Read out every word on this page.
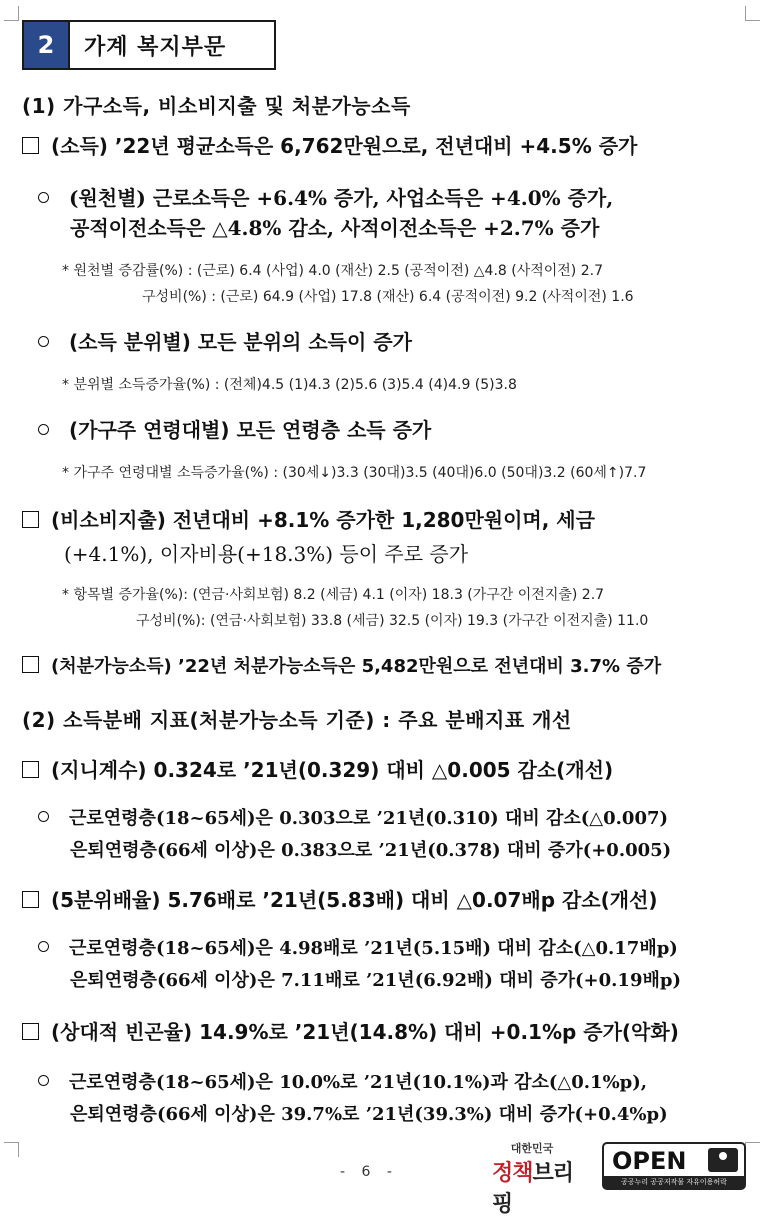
2	가계 복지부문
(1) 가구소득, 비소비지출 및 처분가능소득
(소득) ’22년 평균소득은 6,762만원으로, 전년대비 +4.5% 증가
(원천별) 근로소득은 +6.4% 증가, 사업소득은 +4.0% 증가,
공적이전소득은 △4.8% 감소, 사적이전소득은 +2.7% 증가
* 원천별 증감률(%) : (근로) 6.4 (사업) 4.0 (재산) 2.5 (공적이전) △4.8 (사적이전) 2.7
구성비(%) : (근로) 64.9 (사업) 17.8 (재산) 6.4 (공적이전) 9.2 (사적이전) 1.6
(소득 분위별) 모든 분위의 소득이 증가
* 분위별 소득증가율(%) : (전체)4.5 (1)4.3 (2)5.6 (3)5.4 (4)4.9 (5)3.8
(가구주 연령대별) 모든 연령층 소득 증가
* 가구주 연령대별 소득증가율(%) : (30세↓)3.3 (30대)3.5 (40대)6.0 (50대)3.2 (60세↑)7.7
(비소비지출) 전년대비 +8.1% 증가한 1,280만원이며, 세금
(+4.1%), 이자비용(+18.3%) 등이 주로 증가
* 항목별 증가율(%): (연금·사회보험) 8.2 (세금) 4.1 (이자) 18.3 (가구간 이전지출) 2.7
구성비(%): (연금·사회보험) 33.8 (세금) 32.5 (이자) 19.3 (가구간 이전지출) 11.0
(처분가능소득) ’22년 처분가능소득은 5,482만원으로 전년대비 3.7% 증가
(2) 소득분배 지표(처분가능소득 기준) : 주요 분배지표 개선
(지니계수) 0.324로 ’21년(0.329) 대비 △0.005 감소(개선)
근로연령층(18~65세)은 0.303으로 ’21년(0.310) 대비 감소(△0.007)
은퇴연령층(66세 이상)은 0.383으로 ’21년(0.378) 대비 증가(+0.005)
(5분위배율) 5.76배로 ’21년(5.83배) 대비 △0.07배p 감소(개선)
근로연령층(18~65세)은 4.98배로 ’21년(5.15배) 대비 감소(△0.17배p)
은퇴연령층(66세 이상)은 7.11배로 ’21년(6.92배) 대비 증가(+0.19배p)
(상대적 빈곤율) 14.9%로 ’21년(14.8%) 대비 +0.1%p 증가(악화)
근로연령층(18~65세)은 10.0%로 ’21년(10.1%)과 감소(△0.1%p),
은퇴연령층(66세 이상)은 39.7%로 ’21년(39.3%) 대비 증가(+0.4%p)
- 6 -
대한민국
정책브리핑
OPEN
공공누리 공공저작물 자유이용허락
